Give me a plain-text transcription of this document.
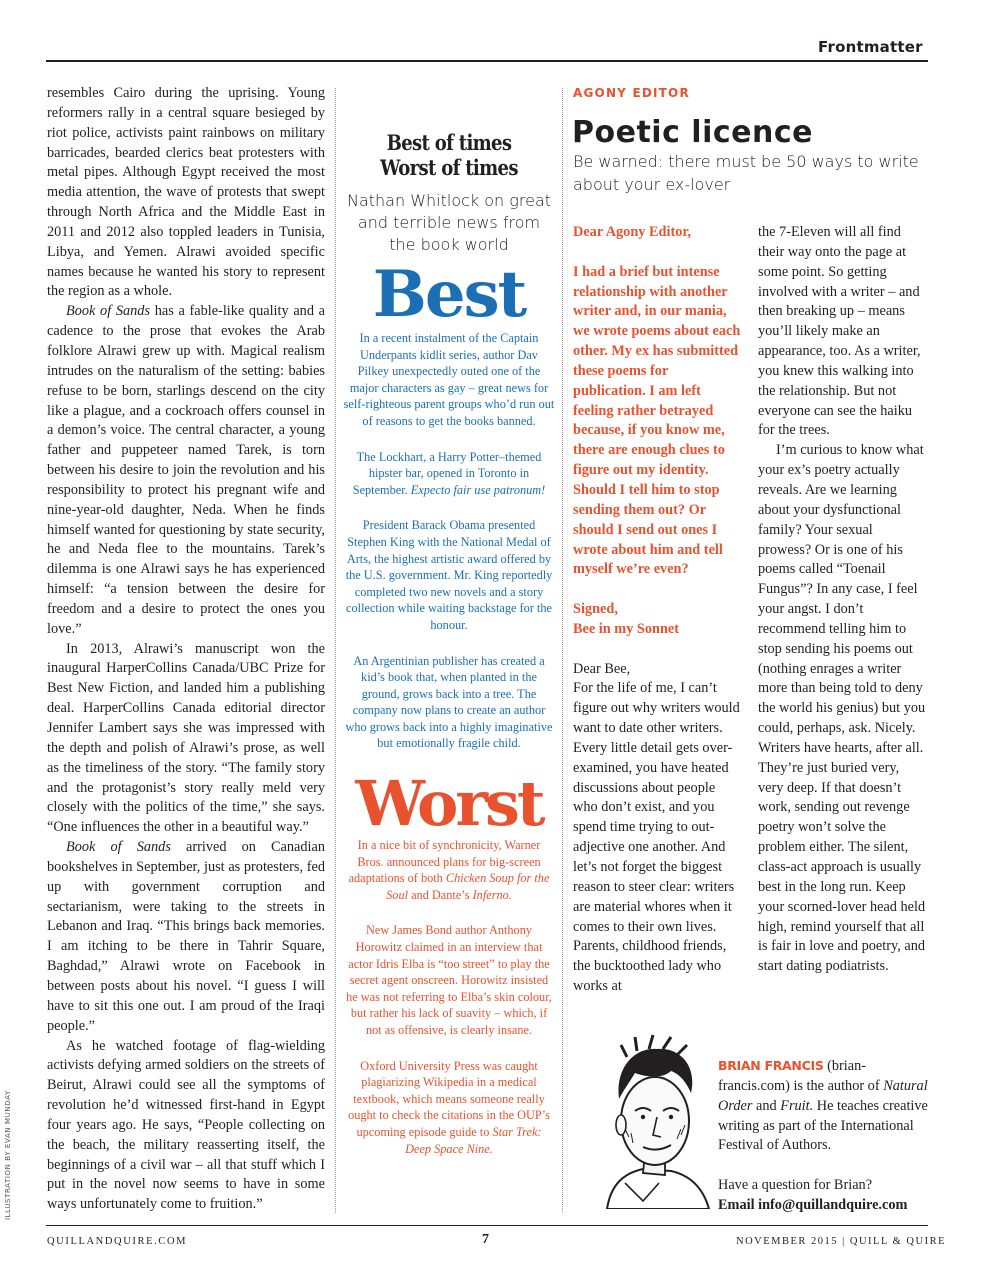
Frontmatter

resembles Cairo during the uprising. Young reformers rally in a central square besieged by riot police, activists paint rainbows on military barricades, bearded clerics beat protesters with metal pipes. Although Egypt received the most media attention, the wave of protests that swept through North Africa and the Middle East in 2011 and 2012 also toppled leaders in Tunisia, Libya, and Yemen. Alrawi avoided specific names because he wanted his story to represent the region as a whole.

Book of Sands has a fable-like quality and a cadence to the prose that evokes the Arab folklore Alrawi grew up with. Magical realism intrudes on the naturalism of the setting: babies refuse to be born, starlings descend on the city like a plague, and a cockroach offers counsel in a demon’s voice. The central character, a young father and puppeteer named Tarek, is torn between his desire to join the revolution and his responsibility to protect his pregnant wife and nine-year-old daughter, Neda. When he finds himself wanted for questioning by state security, he and Neda flee to the mountains. Tarek’s dilemma is one Alrawi says he has experienced himself: “a tension between the desire for freedom and a desire to protect the ones you love.”

In 2013, Alrawi’s manuscript won the inaugural HarperCollins Canada/UBC Prize for Best New Fiction, and landed him a publishing deal. HarperCollins Canada editorial director Jennifer Lambert says she was impressed with the depth and polish of Alrawi’s prose, as well as the timeliness of the story. “The family story and the protagonist’s story really meld very closely with the politics of the time,” she says. “One influences the other in a beautiful way.”

Book of Sands arrived on Canadian bookshelves in September, just as protesters, fed up with government corruption and sectarianism, were taking to the streets in Lebanon and Iraq. “This brings back memories. I am itching to be there in Tahrir Square, Baghdad,” Alrawi wrote on Facebook in between posts about his novel. “I guess I will have to sit this one out. I am proud of the Iraqi people.”

As he watched footage of flag-wielding activists defying armed soldiers on the streets of Beirut, Alrawi could see all the symptoms of revolution he’d witnessed first-hand in Egypt four years ago. He says, “People collecting on the beach, the military reasserting itself, the beginnings of a civil war – all that stuff which I put in the novel now seems to have in some ways unfortunately come to fruition.”

Best of times
Worst of times
Nathan Whitlock on great and terrible news from the book world
Best

In a recent instalment of the Captain Underpants kidlit series, author Dav Pilkey unexpectedly outed one of the major characters as gay – great news for self-righteous parent groups who’d run out of reasons to get the books banned.

The Lockhart, a Harry Potter–themed hipster bar, opened in Toronto in September. Expecto fair use patronum!

President Barack Obama presented Stephen King with the National Medal of Arts, the highest artistic award offered by the U.S. government. Mr. King reportedly completed two new novels and a story collection while waiting backstage for the honour.

An Argentinian publisher has created a kid’s book that, when planted in the ground, grows back into a tree. The company now plans to create an author who grows back into a highly imaginative but emotionally fragile child.

Worst

In a nice bit of synchronicity, Warner Bros. announced plans for big-screen adaptations of both Chicken Soup for the Soul and Dante’s Inferno.

New James Bond author Anthony Horowitz claimed in an interview that actor Idris Elba is “too street” to play the secret agent onscreen. Horowitz insisted he was not referring to Elba’s skin colour, but rather his lack of suavity – which, if not as offensive, is clearly insane.

Oxford University Press was caught plagiarizing Wikipedia in a medical textbook, which means someone really ought to check the citations in the OUP’s upcoming episode guide to Star Trek: Deep Space Nine.

AGONY EDITOR
Poetic licence
Be warned: there must be 50 ways to write about your ex-lover

Dear Agony Editor,

I had a brief but intense relationship with another writer and, in our mania, we wrote poems about each other. My ex has submitted these poems for publication. I am left feeling rather betrayed because, if you know me, there are enough clues to figure out my identity. Should I tell him to stop sending them out? Or should I send out ones I wrote about him and tell myself we’re even?

Signed,

Bee in my Sonnet

Dear Bee,

For the life of me, I can’t figure out why writers would want to date other writers. Every little detail gets over-examined, you have heated discussions about people who don’t exist, and you spend time trying to out-adjective one another. And let’s not forget the biggest reason to steer clear: writers are material whores when it comes to their own lives. Parents, childhood friends, the bucktoothed lady who works at

the 7-Eleven will all find their way onto the page at some point. So getting involved with a writer – and then breaking up – means you’ll likely make an appearance, too. As a writer, you knew this walking into the relationship. But not everyone can see the haiku for the trees.

I’m curious to know what your ex’s poetry actually reveals. Are we learning about your dysfunctional family? Your sexual prowess? Or is one of his poems called “Toenail Fungus”? In any case, I feel your angst. I don’t recommend telling him to stop sending his poems out (nothing enrages a writer more than being told to deny the world his genius) but you could, perhaps, ask. Nicely. Writers have hearts, after all. They’re just buried very, very deep. If that doesn’t work, sending out revenge poetry won’t solve the problem either. The silent, class-act approach is usually best in the long run. Keep your scorned-lover head held high, remind yourself that all is fair in love and poetry, and start dating podiatrists.

BRIAN FRANCIS (brian-francis.com) is the author of Natural Order and Fruit. He teaches creative writing as part of the International Festival of Authors.

Have a question for Brian?

Email info@quillandquire.com

ILLUSTRATION BY EVAN MUNDAY
QUILLANDQUIRE.COM	7	NOVEMBER 2015 | QUILL & QUIRE
